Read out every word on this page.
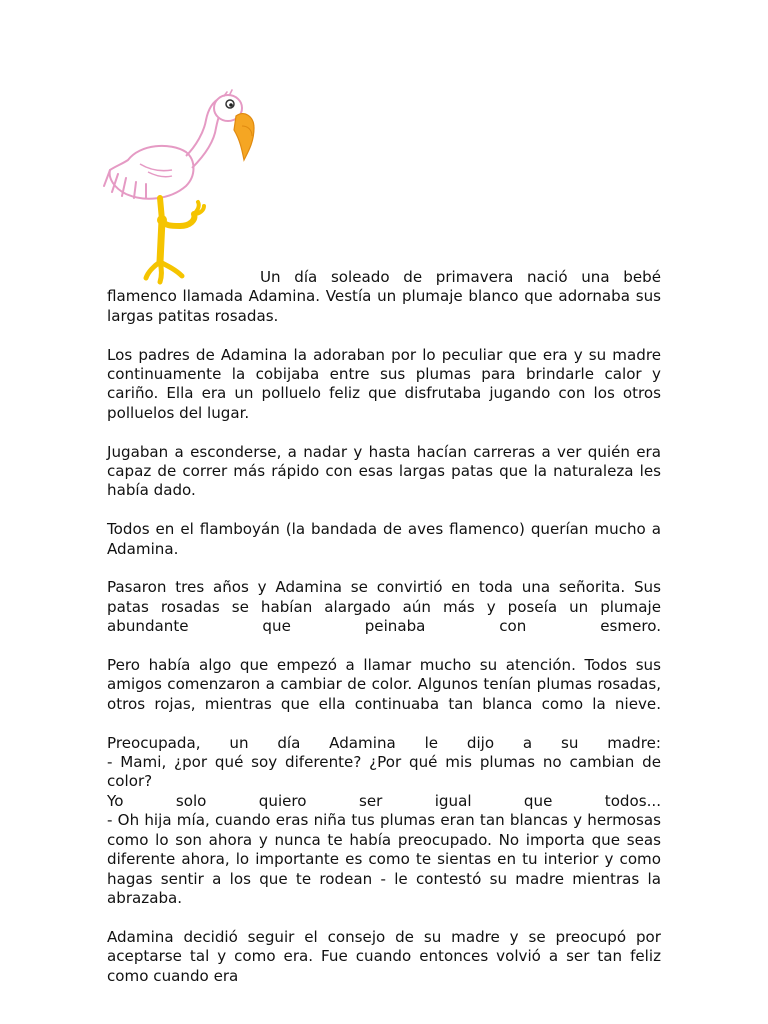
Un día soleado de primavera nació una bebé flamenco llamada Adamina. Vestía un plumaje blanco que adornaba sus largas patitas rosadas.

Los padres de Adamina la adoraban por lo peculiar que era y su madre continuamente la cobijaba entre sus plumas para brindarle calor y cariño. Ella era un polluelo feliz que disfrutaba jugando con los otros polluelos del lugar.

Jugaban a esconderse, a nadar y hasta hacían carreras a ver quién era capaz de correr más rápido con esas largas patas que la naturaleza les había dado.

Todos en el flamboyán (la bandada de aves flamenco) querían mucho a Adamina.

Pasaron tres años y Adamina se convirtió en toda una señorita. Sus patas rosadas se habían alargado aún más y poseía un plumaje abundante que peinaba con esmero.

Pero había algo que empezó a llamar mucho su atención. Todos sus amigos comenzaron a cambiar de color. Algunos tenían plumas rosadas, otros rojas, mientras que ella continuaba tan blanca como la nieve.

Preocupada, un día Adamina le dijo a su madre:
- Mami, ¿por qué soy diferente? ¿Por qué mis plumas no cambian de color?
Yo solo quiero ser igual que todos...
- Oh hija mía, cuando eras niña tus plumas eran tan blancas y hermosas como lo son ahora y nunca te había preocupado. No importa que seas diferente ahora, lo importante es como te sientas en tu interior y como hagas sentir a los que te rodean - le contestó su madre mientras la abrazaba.

Adamina decidió seguir el consejo de su madre y se preocupó por aceptarse tal y como era. Fue cuando entonces volvió a ser tan feliz como cuando era
